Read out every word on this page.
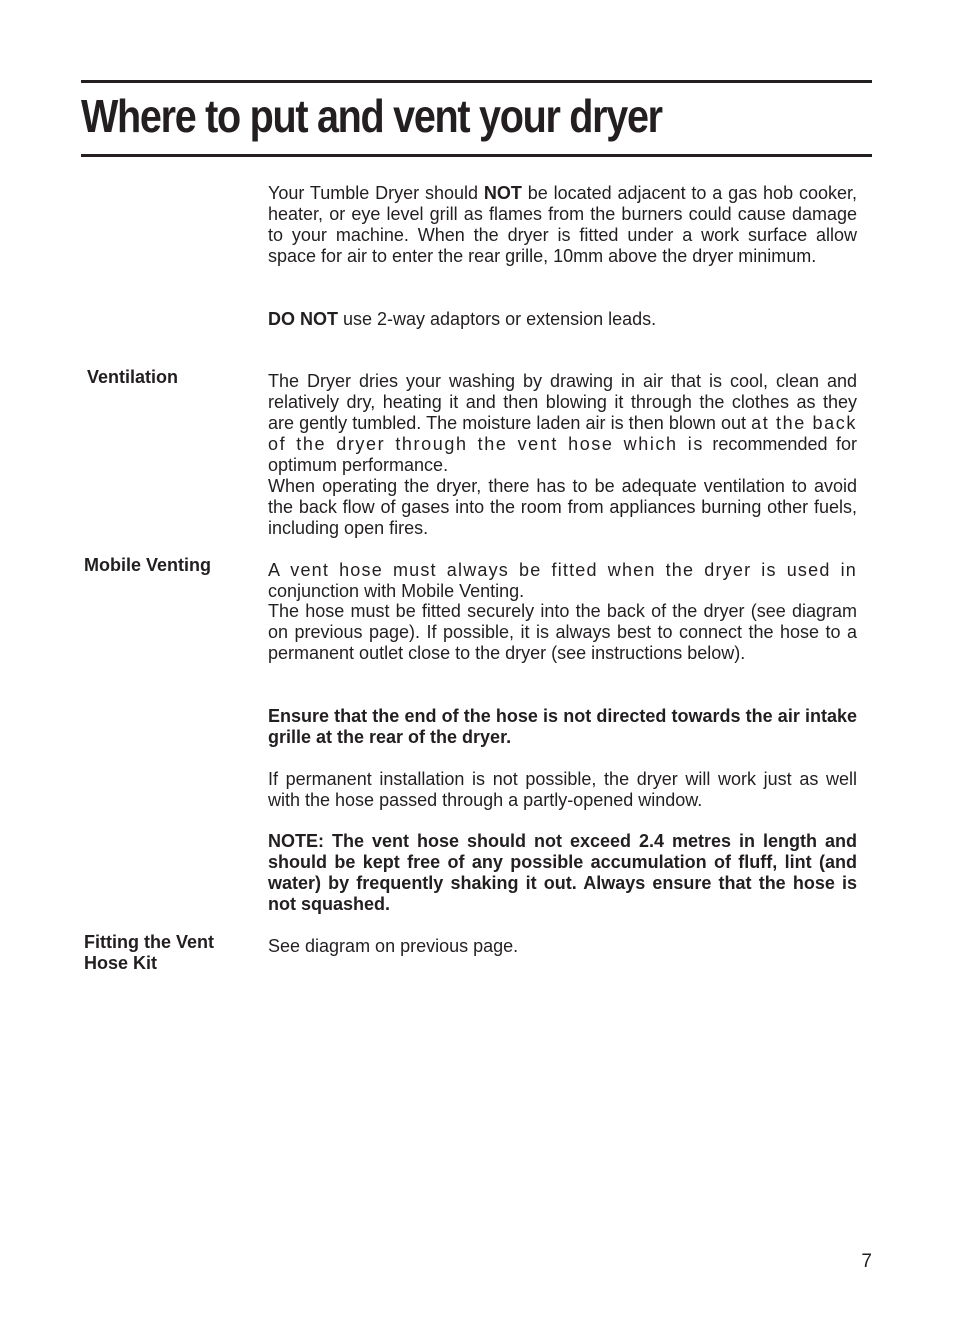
Where to put and vent your dryer

Your Tumble Dryer should NOT be located adjacent to a gas hob cooker, heater, or eye level grill as flames from the burners could cause damage to your machine. When the dryer is fitted under a work surface allow space for air to enter the rear grille, 10mm above the dryer minimum.

DO NOT use 2-way adaptors or extension leads.

Ventilation	The Dryer dries your washing by drawing in air that is cool, clean and relatively dry, heating it and then blowing it through the clothes as they are gently tumbled. The moisture laden air is then blown out at the back of the dryer through the vent hose which is recommended for optimum performance.

When operating the dryer, there has to be adequate ventilation to avoid the back flow of gases into the room from appliances burning other fuels, including open fires.

Mobile Venting	A vent hose must always be fitted when the dryer is used in conjunction with Mobile Venting.

The hose must be fitted securely into the back of the dryer (see diagram on previous page). If possible, it is always best to connect the hose to a permanent outlet close to the dryer (see instructions below).

Ensure that the end of the hose is not directed towards the air intake grille at the rear of the dryer.

If permanent installation is not possible, the dryer will work just as well with the hose passed through a partly-opened window.

NOTE: The vent hose should not exceed 2.4 metres in length and should be kept free of any possible accumulation of fluff, lint (and water) by frequently shaking it out. Always ensure that the hose is not squashed.

Fitting the Vent
Hose Kit

See diagram on previous page.

7
